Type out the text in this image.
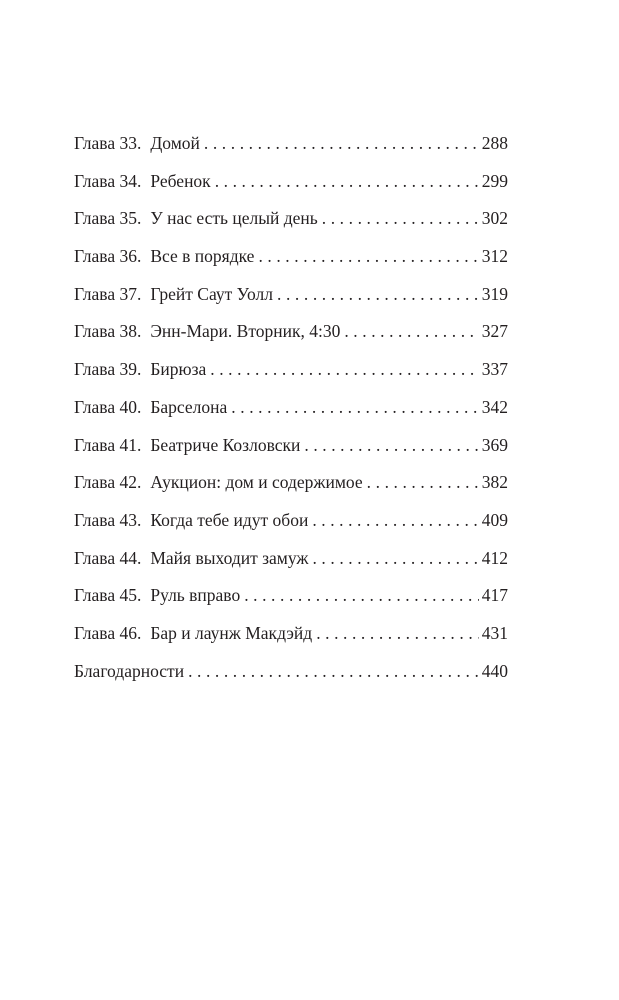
Глава 33. Домой . . .	288
Глава 34. Ребенок . . .	299
Глава 35. У нас есть целый день . . .	302
Глава 36. Все в порядке . . .	312
Глава 37. Грейт Саут Уолл . . .	319
Глава 38. Энн-Мари. Вторник, 4:30 . . .	327
Глава 39. Бирюза . . .	337
Глава 40. Барселона . . .	342
Глава 41. Беатриче Козловски . . .	369
Глава 42. Аукцион: дом и содержимое . . .	382
Глава 43. Когда тебе идут обои . . .	409
Глава 44. Майя выходит замуж . . .	412
Глава 45. Руль вправо . . .	417
Глава 46. Бар и лаунж Макдэйд . . .	431
Благодарности . . .	440
